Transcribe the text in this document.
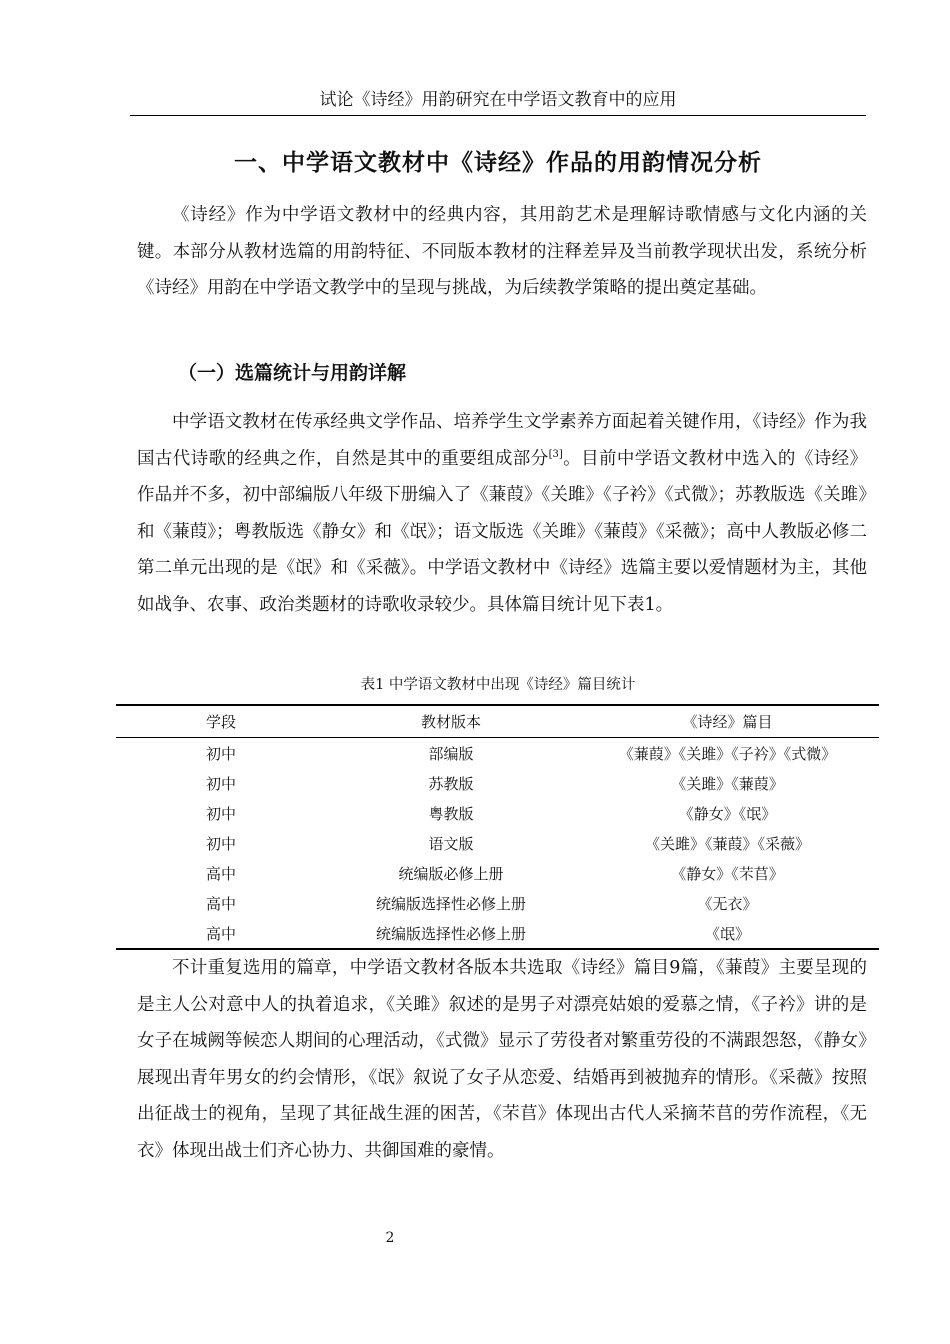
试论《诗经》用韵研究在中学语文教育中的应用
一、中学语文教材中《诗经》作品的用韵情况分析

《诗经》作为中学语文教材中的经典内容，其用韵艺术是理解诗歌情感与文化内涵的关键。本部分从教材选篇的用韵特征、不同版本教材的注释差异及当前教学现状出发，系统分析《诗经》用韵在中学语文教学中的呈现与挑战，为后续教学策略的提出奠定基础。

（一）选篇统计与用韵详解

中学语文教材在传承经典文学作品、培养学生文学素养方面起着关键作用，《诗经》作为我国古代诗歌的经典之作，自然是其中的重要组成部分[3]。目前中学语文教材中选入的《诗经》作品并不多，初中部编版八年级下册编入了《蒹葭》《关雎》《子衿》《式微》；苏教版选《关雎》和《蒹葭》；粤教版选《静女》和《氓》；语文版选《关雎》《蒹葭》《采薇》；高中人教版必修二第二单元出现的是《氓》和《采薇》。中学语文教材中《诗经》选篇主要以爱情题材为主，其他如战争、农事、政治类题材的诗歌收录较少。具体篇目统计见下表1。

表1 中学语文教材中出现《诗经》篇目统计
学段	教材版本	《诗经》篇目
初中	部编版	《蒹葭》《关雎》《子衿》《式微》
初中	苏教版	《关雎》《蒹葭》
初中	粤教版	《静女》《氓》
初中	语文版	《关雎》《蒹葭》《采薇》
高中	统编版必修上册	《静女》《芣苢》
高中	统编版选择性必修上册	《无衣》
高中	统编版选择性必修上册	《氓》

不计重复选用的篇章，中学语文教材各版本共选取《诗经》篇目9篇，《蒹葭》主要呈现的是主人公对意中人的执着追求，《关雎》叙述的是男子对漂亮姑娘的爱慕之情，《子衿》讲的是女子在城阙等候恋人期间的心理活动，《式微》显示了劳役者对繁重劳役的不满跟怨怒，《静女》展现出青年男女的约会情形，《氓》叙说了女子从恋爱、结婚再到被抛弃的情形。《采薇》按照出征战士的视角，呈现了其征战生涯的困苦，《芣苢》体现出古代人采摘芣苢的劳作流程，《无衣》体现出战士们齐心协力、共御国难的豪情。

2
